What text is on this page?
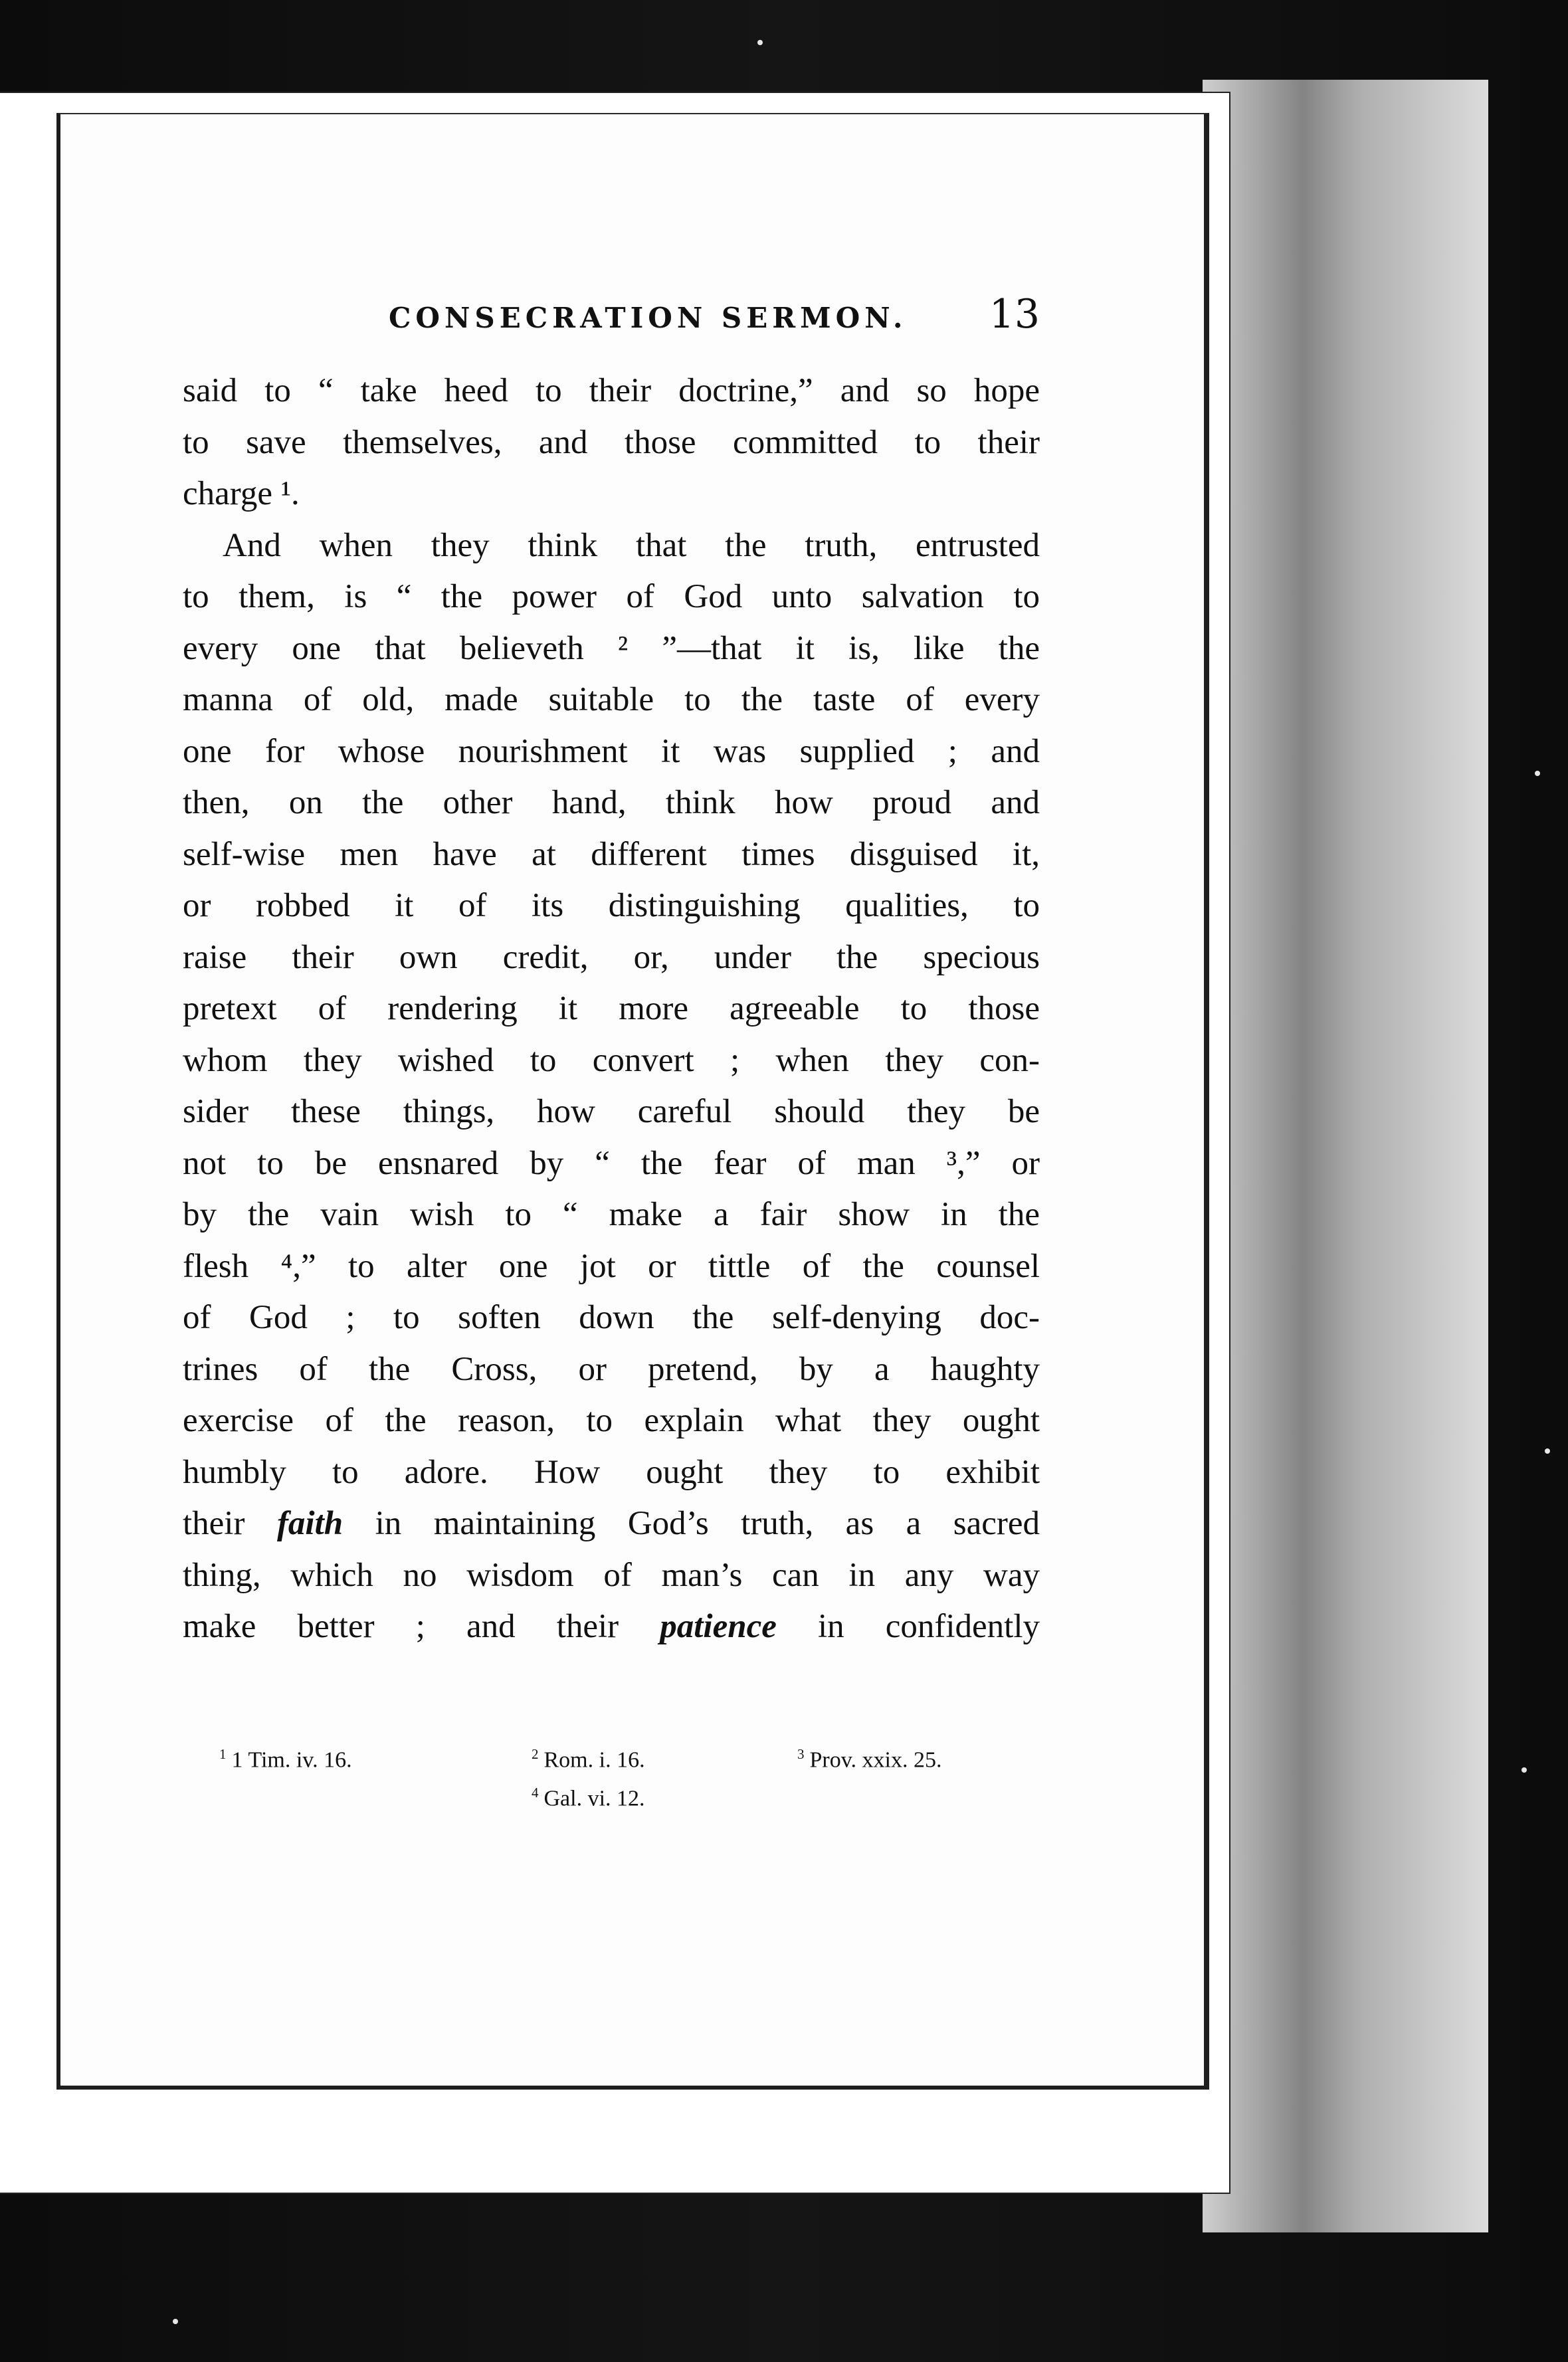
CONSECRATION SERMON. 13
said to “ take heed to their doctrine,” and so hope
to save themselves, and those committed to their
charge ¹.
And when they think that the truth, entrusted
to them, is “ the power of God unto salvation to
every one that believeth ² ”—that it is, like the
manna of old, made suitable to the taste of every
one for whose nourishment it was supplied ; and
then, on the other hand, think how proud and
self-wise men have at different times disguised it,
or robbed it of its distinguishing qualities, to
raise their own credit, or, under the specious
pretext of rendering it more agreeable to those
whom they wished to convert ; when they con-
sider these things, how careful should they be
not to be ensnared by “ the fear of man ³,” or
by the vain wish to “ make a fair show in the
flesh ⁴,” to alter one jot or tittle of the counsel
of God ; to soften down the self-denying doc-
trines of the Cross, or pretend, by a haughty
exercise of the reason, to explain what they ought
humbly to adore. How ought they to exhibit
their faith in maintaining God’s truth, as a sacred
thing, which no wisdom of man’s can in any way
make better ; and their patience in confidently
$^1$ 1 Tim. iv. 16.	$^2$ Rom. i. 16.	$^3$ Prov. xxix. 25.
$^4$ Gal. vi. 12.
